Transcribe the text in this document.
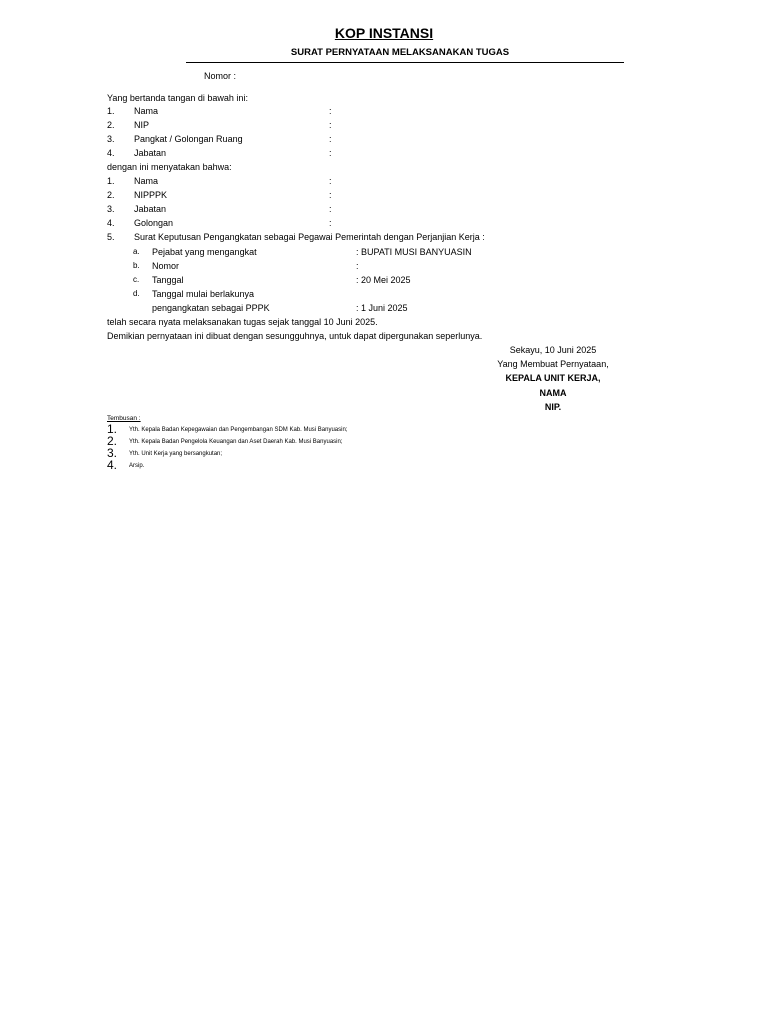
KOP INSTANSI
SURAT PERNYATAAN MELAKSANAKAN TUGAS
Nomor :
Yang bertanda tangan di bawah ini:
1. Nama	:
2. NIP	:
3. Pangkat / Golongan Ruang	:
4. Jabatan	:
dengan ini menyatakan bahwa:
1. Nama	:
2. NIPPPK	:
3. Jabatan	:
4. Golongan	:
5. Surat Keputusan Pengangkatan sebagai Pegawai Pemerintah dengan Perjanjian Kerja :
a. Pejabat yang mengangkat	: BUPATI MUSI BANYUASIN
b. Nomor	:
c. Tanggal	: 20 Mei 2025
d. Tanggal mulai berlakunya
pengangkatan sebagai PPPK	: 1 Juni 2025
telah secara nyata melaksanakan tugas sejak tanggal 10 Juni 2025.
Demikian pernyataan ini dibuat dengan sesungguhnya, untuk dapat dipergunakan seperlunya.
Sekayu, 10 Juni 2025
Yang Membuat Pernyataan,
KEPALA UNIT KERJA,
NAMA
NIP.
Tembusan :
1. Yth. Kepala Badan Kepegawaian dan Pengembangan SDM Kab. Musi Banyuasin;
2. Yth. Kepala Badan Pengelola Keuangan dan Aset Daerah Kab. Musi Banyuasin;
3. Yth. Unit Kerja yang bersangkutan;
4. Arsip.
